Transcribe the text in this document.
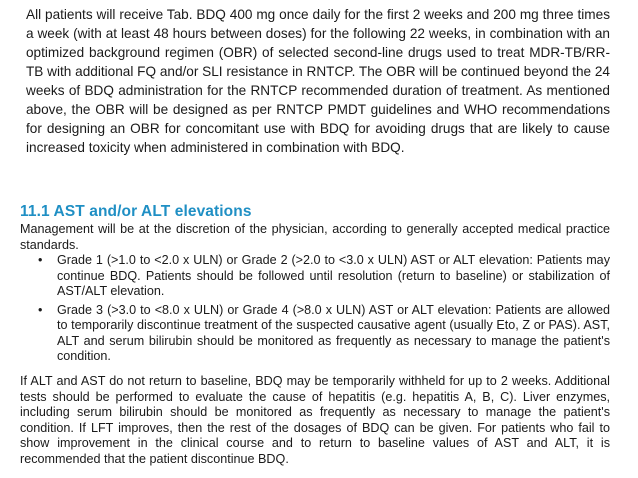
All patients will receive Tab. BDQ 400 mg once daily for the first 2 weeks and 200 mg three times a week (with at least 48 hours between doses) for the following 22 weeks, in combination with an optimized background regimen (OBR) of selected second-line drugs used to treat MDR-TB/RR-TB with additional FQ and/or SLI resistance in RNTCP. The OBR will be continued beyond the 24 weeks of BDQ administration for the RNTCP recommended duration of treatment. As mentioned above, the OBR will be designed as per RNTCP PMDT guidelines and WHO recommendations for designing an OBR for concomitant use with BDQ for avoiding drugs that are likely to cause increased toxicity when administered in combination with BDQ.

11.1 AST and/or ALT elevations

Management will be at the discretion of the physician, according to generally accepted medical practice standards.

• Grade 1 (>1.0 to <2.0 x ULN) or Grade 2 (>2.0 to <3.0 x ULN) AST or ALT elevation: Patients may continue BDQ. Patients should be followed until resolution (return to baseline) or stabilization of AST/ALT elevation.
• Grade 3 (>3.0 to <8.0 x ULN) or Grade 4 (>8.0 x ULN) AST or ALT elevation: Patients are allowed to temporarily discontinue treatment of the suspected causative agent (usually Eto, Z or PAS). AST, ALT and serum bilirubin should be monitored as frequently as necessary to manage the patient's condition.

If ALT and AST do not return to baseline, BDQ may be temporarily withheld for up to 2 weeks. Additional tests should be performed to evaluate the cause of hepatitis (e.g. hepatitis A, B, C). Liver enzymes, including serum bilirubin should be monitored as frequently as necessary to manage the patient's condition. If LFT improves, then the rest of the dosages of BDQ can be given. For patients who fail to show improvement in the clinical course and to return to baseline values of AST and ALT, it is recommended that the patient discontinue BDQ.
